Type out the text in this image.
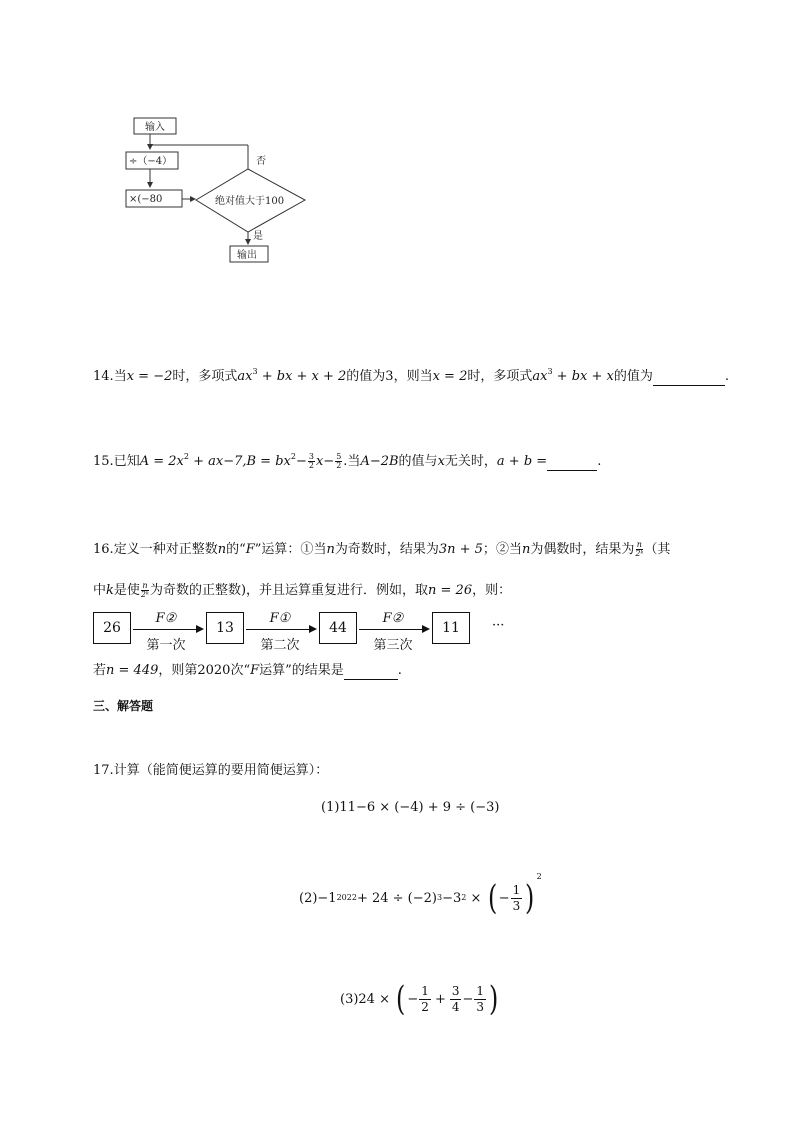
输入
÷（−4）
×(−80	绝对值大于100
否
是
输出
14.当x = −2时，多项式$ax^3$ + bx + x + 2的值为3，则当x = 2时，多项式$ax^3$ + bx + x的值为	.
15.已知$A = 2x^2 + ax-7,B = bx^2- \frac{3}{2} x- \frac{5}{2}$ .当A−2B的值与x无关时，a + b =	.
16.定义一种对正整数n的“F”运算：①当n为奇数时，结果为3n + 5；②当n为偶数时，结果为 $\frac{n}{\text{2ᵏ}}$ （其
中k是使 $\frac{n}{\text{2ᵏ}}$ 为奇数的正整数)，并且运算重复进行．例如，取n = 26，则：
26
F②
第一次
13
F①
第二次
44
F②
第三次
11 ···
若n = 449，则第2020次“F运算”的结果是	.
三、解答题
17.计算（能简便运算的要用简便运算）：
(1)11−6 × (−4) + 9 ÷ (−3)
(2)−1 2022 + 24 ÷ (−2) 3 −3 2 × ( − $\frac{1}{3}$ )
2
(3)24 × ( − $\frac{1}{2} + \frac{3}{4} - \frac{1}{3}$ )
